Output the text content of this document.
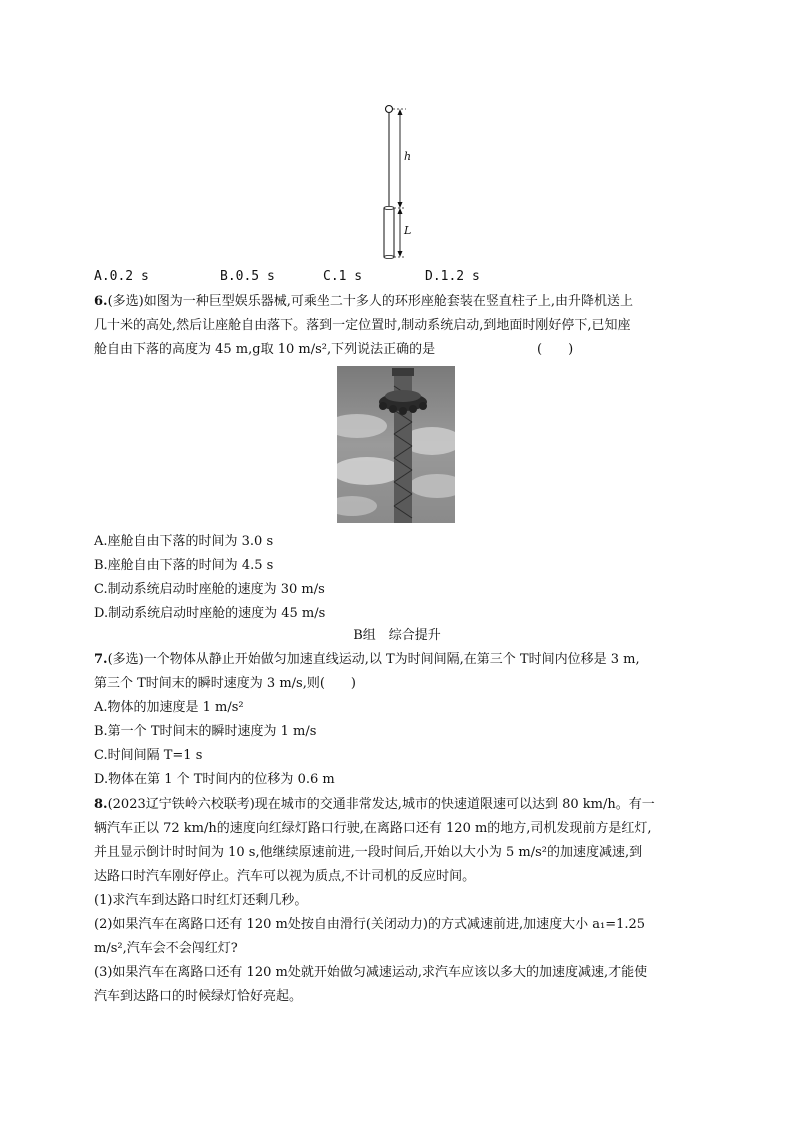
h
L
A.0.2 s	B.0.5 s	C.1 s	D.1.2 s
6.(多选)如图为一种巨型娱乐器械,可乘坐二十多人的环形座舱套装在竖直柱子上,由升降机送上
几十米的高处,然后让座舱自由落下。落到一定位置时,制动系统启动,到地面时刚好停下,已知座
舱自由下落的高度为 45 m,g取 10 m/s²,下列说法正确的是	(　　)
A.座舱自由下落的时间为 3.0 s
B.座舱自由下落的时间为 4.5 s
C.制动系统启动时座舱的速度为 30 m/s
D.制动系统启动时座舱的速度为 45 m/s
B组　综合提升
7.(多选)一个物体从静止开始做匀加速直线运动,以 T为时间间隔,在第三个 T时间内位移是 3 m,
第三个 T时间末的瞬时速度为 3 m/s,则(　　)
A.物体的加速度是 1 m/s²
B.第一个 T时间末的瞬时速度为 1 m/s
C.时间间隔 T=1 s
D.物体在第 1 个 T时间内的位移为 0.6 m
8.(2023辽宁铁岭六校联考)现在城市的交通非常发达,城市的快速道限速可以达到 80 km/h。有一
辆汽车正以 72 km/h的速度向红绿灯路口行驶,在离路口还有 120 m的地方,司机发现前方是红灯,
并且显示倒计时时间为 10 s,他继续原速前进,一段时间后,开始以大小为 5 m/s²的加速度减速,到
达路口时汽车刚好停止。汽车可以视为质点,不计司机的反应时间。
(1)求汽车到达路口时红灯还剩几秒。
(2)如果汽车在离路口还有 120 m处按自由滑行(关闭动力)的方式减速前进,加速度大小 a₁=1.25
m/s²,汽车会不会闯红灯?
(3)如果汽车在离路口还有 120 m处就开始做匀减速运动,求汽车应该以多大的加速度减速,才能使
汽车到达路口的时候绿灯恰好亮起。
